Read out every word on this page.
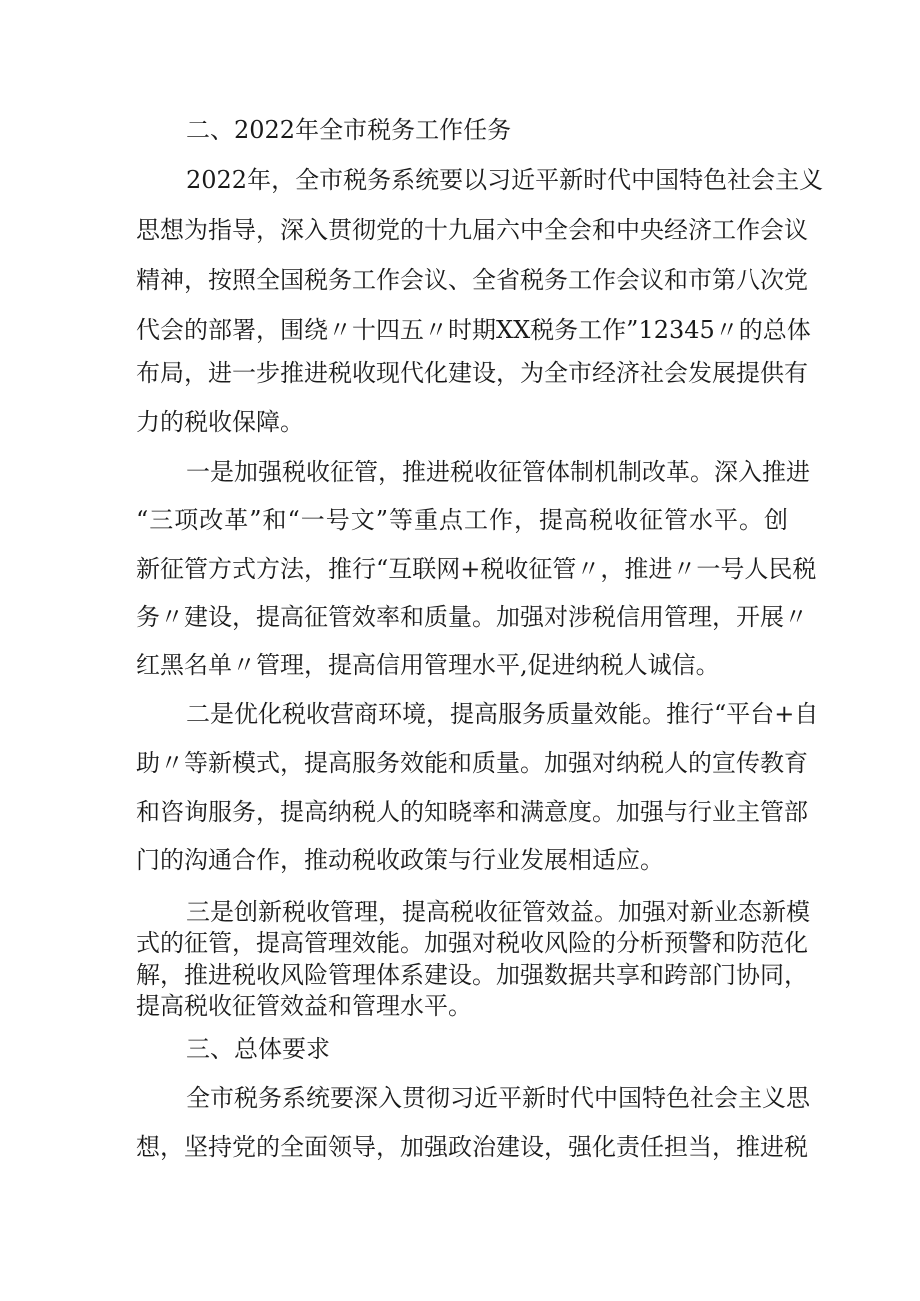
二、2022年全市税务工作任务
2022年，全市税务系统要以习近平新时代中国特色社会主义
思想为指导，深入贯彻党的十九届六中全会和中央经济工作会议
精神，按照全国税务工作会议、全省税务工作会议和市第八次党
代会的部署，围绕〃十四五〃时期XX税务工作”12345〃的总体
布局，进一步推进税收现代化建设，为全市经济社会发展提供有
力的税收保障。
一是加强税收征管，推进税收征管体制机制改革。深入推进
“三项改革”和“一号文”等重点工作，提高税收征管水平。创
新征管方式方法，推行“互联网+税收征管〃，推进〃一号人民税
务〃建设，提高征管效率和质量。加强对涉税信用管理，开展〃
红黑名单〃管理，提高信用管理水平,促进纳税人诚信。
二是优化税收营商环境，提高服务质量效能。推行“平台+自
助〃等新模式，提高服务效能和质量。加强对纳税人的宣传教育
和咨询服务，提高纳税人的知晓率和满意度。加强与行业主管部
门的沟通合作，推动税收政策与行业发展相适应。
三是创新税收管理，提高税收征管效益。加强对新业态新模
式的征管，提高管理效能。加强对税收风险的分析预警和防范化
解，推进税收风险管理体系建设。加强数据共享和跨部门协同，
提高税收征管效益和管理水平。
三、总体要求
全市税务系统要深入贯彻习近平新时代中国特色社会主义思
想，坚持党的全面领导，加强政治建设，强化责任担当，推进税
